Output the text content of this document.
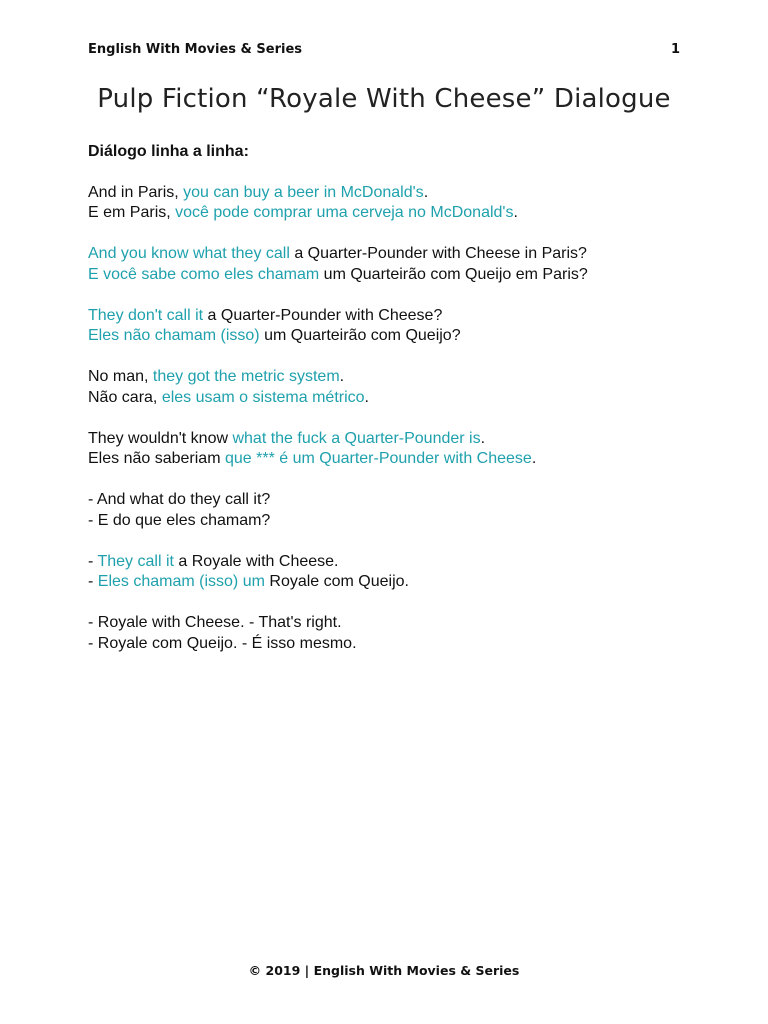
English With Movies & Series	1
Pulp Fiction “Royale With Cheese” Dialogue
Diálogo linha a linha:
And in Paris, you can buy a beer in McDonald's.
E em Paris, você pode comprar uma cerveja no McDonald's.
And you know what they call a Quarter-Pounder with Cheese in Paris?
E você sabe como eles chamam um Quarteirão com Queijo em Paris?
They don't call it a Quarter-Pounder with Cheese?
Eles não chamam (isso) um Quarteirão com Queijo?
No man, they got the metric system.
Não cara, eles usam o sistema métrico.
They wouldn't know what the fuck a Quarter-Pounder is.
Eles não saberiam que *** é um Quarter-Pounder with Cheese.
- And what do they call it?
- E do que eles chamam?
- They call it a Royale with Cheese.
- Eles chamam (isso) um Royale com Queijo.
- Royale with Cheese. - That's right.
- Royale com Queijo. - É isso mesmo.
© 2019 | English With Movies & Series
